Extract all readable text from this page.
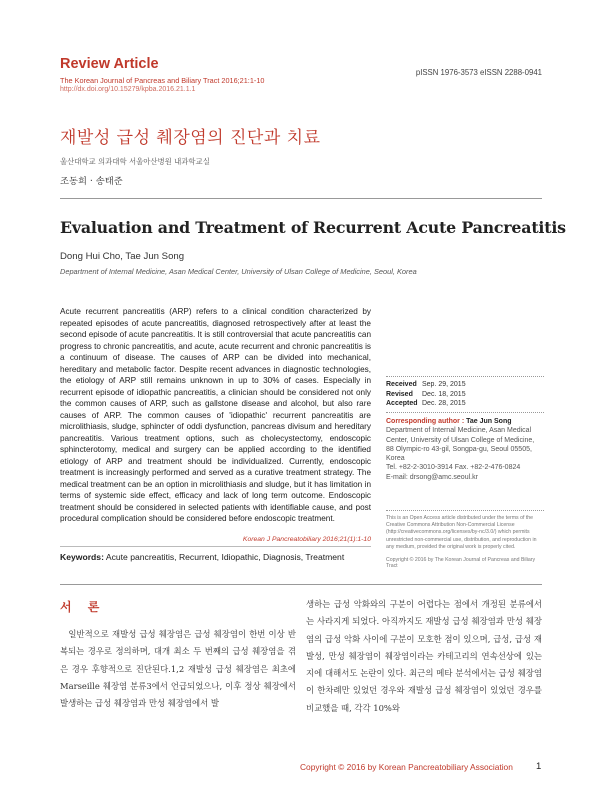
Review Article
The Korean Journal of Pancreas and Biliary Tract 2016;21:1-10
http://dx.doi.org/10.15279/kpba.2016.21.1.1
pISSN 1976-3573 eISSN 2288-0941
재발성 급성 췌장염의 진단과 치료
울산대학교 의과대학 서울아산병원 내과학교실
조동희 · 송태준
Evaluation and Treatment of Recurrent Acute Pancreatitis
Dong Hui Cho, Tae Jun Song
Department of Internal Medicine, Asan Medical Center, University of Ulsan College of Medicine, Seoul, Korea
Acute recurrent pancreatitis (ARP) refers to a clinical condition characterized by repeated episodes of acute pancreatitis, diagnosed retrospectively after at least the second episode of acute pancreatitis. It is still controversial that acute pancreatitis can progress to chronic pancreatitis, and acute, acute recurrent and chronic pancreatitis is a continuum of disease. The causes of ARP can be divided into mechanical, hereditary and metabolic factor. Despite recent advances in diagnostic technologies, the etiology of ARP still remains unknown in up to 30% of cases. Especially in recurrent episode of idiopathic pancreatitis, a clinician should be considered not only the common causes of ARP, such as gallstone disease and alcohol, but also rare causes of ARP. The common causes of 'idiopathic' recurrent pancreatitis are microlithiasis, sludge, sphincter of oddi dysfunction, pancreas divisum and hereditary pancreatitis. Various treatment options, such as cholecystectomy, endoscopic sphincterotomy, medical and surgery can be applied according to the identified etiology of ARP and treatment should be individualized. Currently, endoscopic treatment is increasingly performed and served as a curative treatment strategy. The medical treatment can be an option in microlithiasis and sludge, but it has limitation in terms of systemic side effect, efficacy and lack of long term outcome. Endoscopic treatment should be considered in selected patients with identifiable cause, and post procedural complication should be considered before endoscopic treatment.
Korean J Pancreatobiliary 2016;21(1):1-10
Keywords: Acute pancreatitis, Recurrent, Idiopathic, Diagnosis, Treatment
Received Sep. 29, 2015
Revised Dec. 18, 2015
Accepted Dec. 28, 2015
Corresponding author : Tae Jun Song
Department of Internal Medicine, Asan Medical
Center, University of Ulsan College of Medicine,
88 Olympic-ro 43-gil, Songpa-gu, Seoul 05505,
Korea
Tel. +82-2-3010-3914 Fax. +82-2-476-0824
E-mail: drsong@amc.seoul.kr
This is an Open Access article distributed under the terms of the Creative Commons Attribution Non-Commercial License (http://creativecommons.org/licenses/by-nc/3.0/) which permits unrestricted non-commercial use, distribution, and reproduction in any medium, provided the original work is properly cited.
Copyright © 2016 by The Korean Journal of Pancreas and Biliary Tract
서 론

일반적으로 재발성 급성 췌장염은 급성 췌장염이 한번 이상 반복되는 경우로 정의하며, 대개 최소 두 번째의 급성 췌장염을 겪은 경우 후향적으로 진단된다.1,2 재발성 급성 췌장염은 최초에 Marseille 췌장염 분류3에서 언급되었으나, 이후 정상 췌장에서 발생하는 급성 췌장염과 만성 췌장염에서 발

생하는 급성 악화와의 구분이 어렵다는 점에서 개정된 분류에서는 사라지게 되었다. 아직까지도 재발성 급성 췌장염과 만성 췌장염의 급성 악화 사이에 구분이 모호한 점이 있으며, 급성, 급성 재발성, 만성 췌장염이 췌장염이라는 카테고리의 연속선상에 있는지에 대해서도 논란이 있다. 최근의 메타 분석에서는 급성 췌장염이 한차례만 있었던 경우와 재발성 급성 췌장염이 있었던 경우를 비교했을 때, 각각 10%와

Copyright © 2016 by Korean Pancreatobiliary Association 1
